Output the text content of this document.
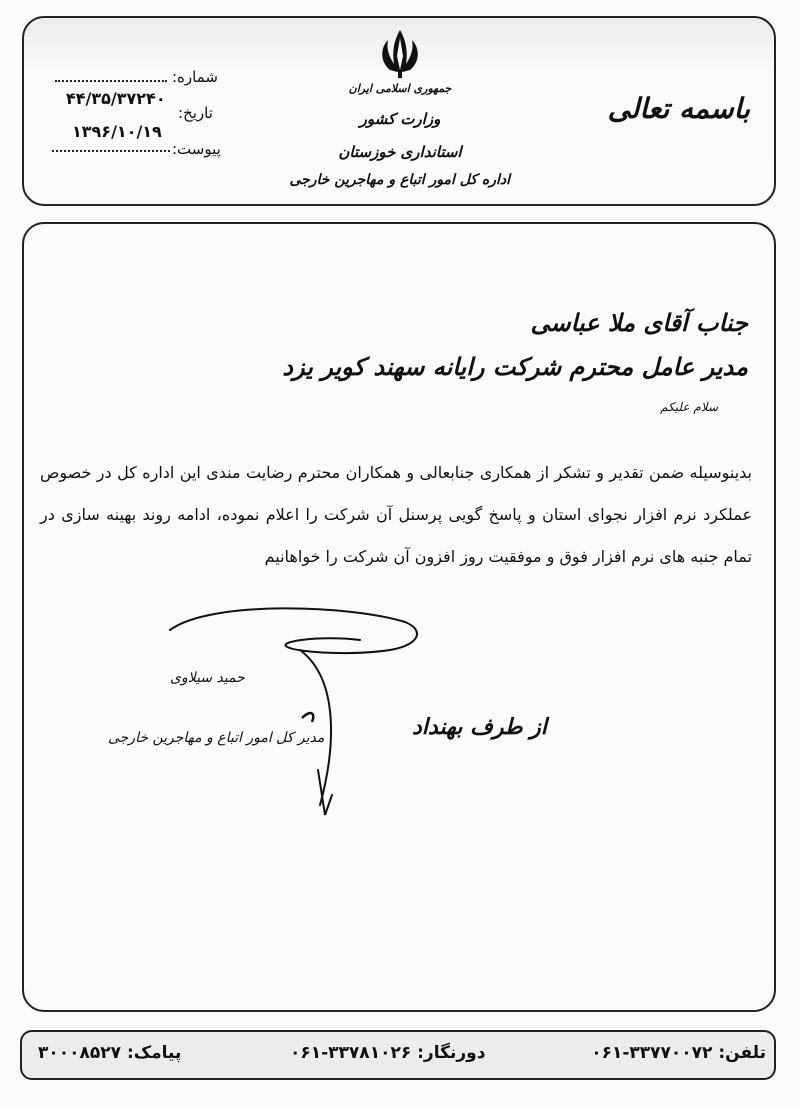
جمهوری اسلامی ایران
وزارت کشور
استانداری خوزستان
اداره کل امور اتباع و مهاجرین خارجی
باسمه تعالی
شماره:
۴۴/۳۵/۳۷۲۴۰
تاریخ:
۱۳۹۶/۱۰/۱۹
پیوست:
جناب آقای ملا عباسی
مدیر عامل محترم شرکت رایانه سهند کویر یزد
سلام علیکم
بدینوسیله ضمن تقدیر و تشکر از همکاری جنابعالی و همکاران محترم رضایت مندی این اداره کل در خصوص عملکرد نرم افزار نجوای استان و پاسخ گویی پرسنل آن شرکت را اعلام نموده، ادامه روند بهینه سازی در تمام جنبه های نرم افزار فوق و موفقیت روز افزون آن شرکت را خواهانیم
حمید سیلاوی
مدیر کل امور اتباع و مهاجرین خارجی	از طرف بهنداد
تلفن: ۰۶۱-۳۳۷۷۰۰۷۲
دورنگار: ۰۶۱-۳۳۷۸۱۰۲۶
پیامک: ۳۰۰۰۸۵۲۷
